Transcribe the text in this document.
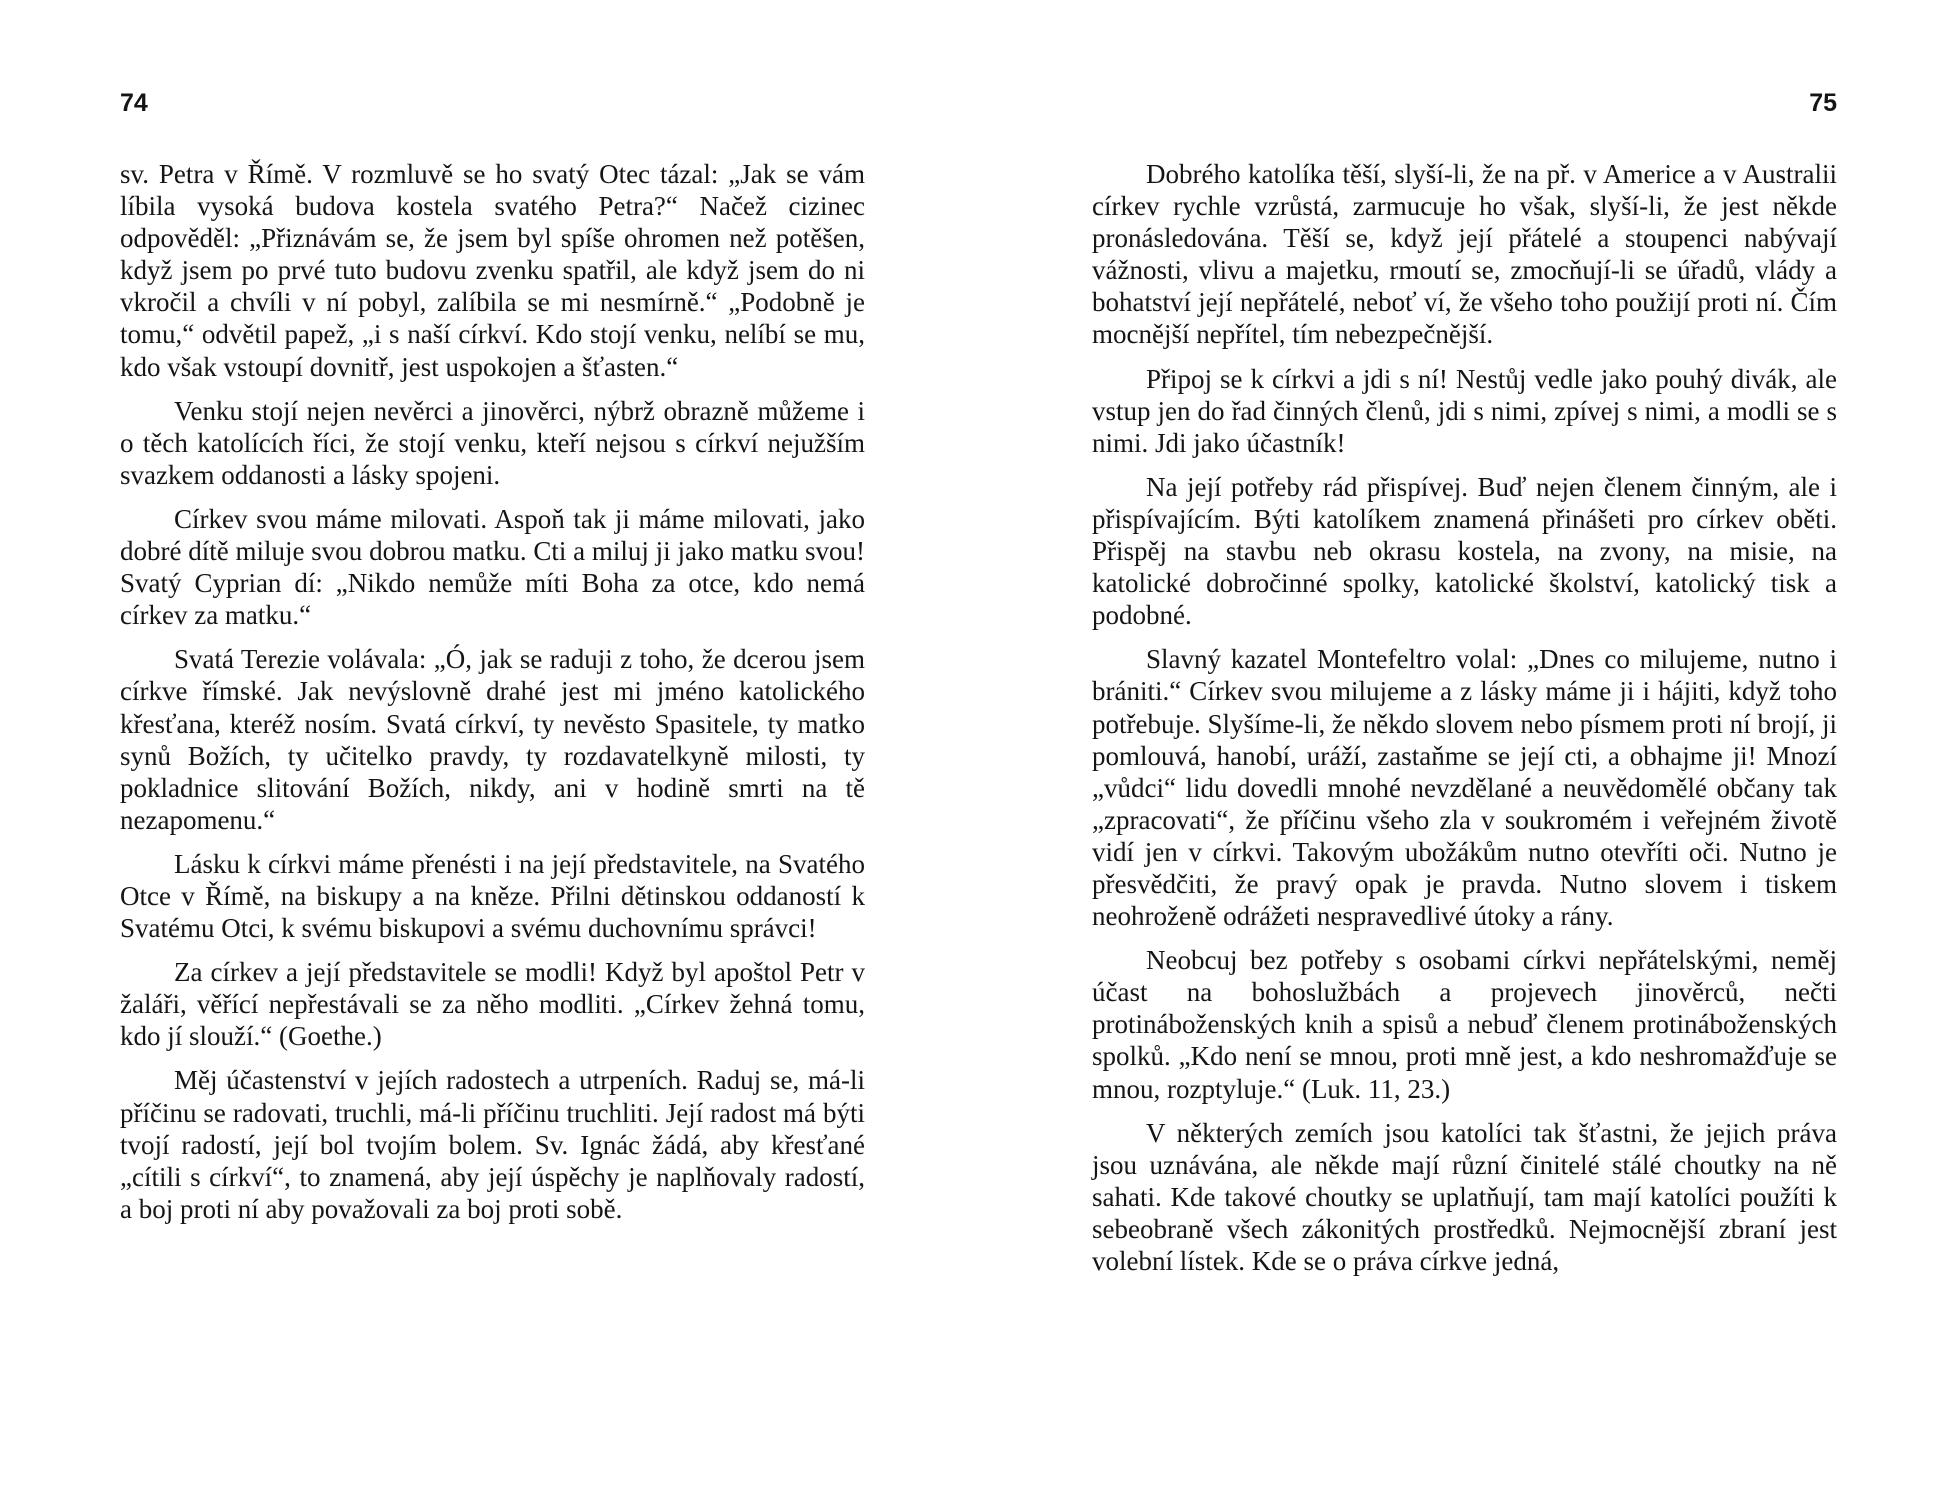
74

sv. Petra v Římě. V rozmluvě se ho svatý Otec tázal: „Jak se vám líbila vysoká budova kostela svatého Petra?“ Načež cizinec odpověděl: „Přiznávám se, že jsem byl spíše ohromen než potěšen, když jsem po prvé tuto budovu zvenku spatřil, ale když jsem do ni vkročil a chvíli v ní pobyl, zalíbila se mi nesmírně.“ „Podobně je tomu,“ odvětil papež, „i s naší církví. Kdo stojí venku, nelíbí se mu, kdo však vstoupí dovnitř, jest uspokojen a šťasten.“

Venku stojí nejen nevěrci a jinověrci, nýbrž obrazně můžeme i o těch katolících říci, že stojí venku, kteří nejsou s církví nejužším svazkem oddanosti a lásky spojeni.

Církev svou máme milovati. Aspoň tak ji máme milovati, jako dobré dítě miluje svou dobrou matku. Cti a miluj ji jako matku svou! Svatý Cyprian dí: „Nikdo nemůže míti Boha za otce, kdo nemá církev za matku.“

Svatá Terezie volávala: „Ó, jak se raduji z toho, že dcerou jsem církve římské. Jak nevýslovně drahé jest mi jméno katolického křesťana, kteréž nosím. Svatá církví, ty nevěsto Spasitele, ty matko synů Božích, ty učitelko pravdy, ty rozdavatelkyně milosti, ty pokladnice slitování Božích, nikdy, ani v hodině smrti na tě nezapomenu.“

Lásku k církvi máme přenésti i na její představitele, na Svatého Otce v Římě, na biskupy a na kněze. Přilni dětinskou oddaností k Svatému Otci, k svému biskupovi a svému duchovnímu správci!

Za církev a její představitele se modli! Když byl apoštol Petr v žaláři, věřící nepřestávali se za něho modliti. „Církev žehná tomu, kdo jí slouží.“ (Goethe.)

Měj účastenství v jejích radostech a utrpeních. Raduj se, má-li příčinu se radovati, truchli, má-li příčinu truchliti. Její radost má býti tvojí radostí, její bol tvojím bolem. Sv. Ignác žádá, aby křesťané „cítili s církví“, to znamená, aby její úspěchy je naplňovaly radostí, a boj proti ní aby považovali za boj proti sobě.

75

Dobrého katolíka těší, slyší-li, že na př. v Americe a v Australii církev rychle vzrůstá, zarmucuje ho však, slyší-li, že jest někde pronásledována. Těší se, když její přátelé a stoupenci nabývají vážnosti, vlivu a majetku, rmoutí se, zmocňují-li se úřadů, vlády a bohatství její nepřátelé, neboť ví, že všeho toho použijí proti ní. Čím mocnější nepřítel, tím nebezpečnější.

Připoj se k církvi a jdi s ní! Nestůj vedle jako pouhý divák, ale vstup jen do řad činných členů, jdi s nimi, zpívej s nimi, a modli se s nimi. Jdi jako účastník!

Na její potřeby rád přispívej. Buď nejen členem činným, ale i přispívajícím. Býti katolíkem znamená přinášeti pro církev oběti. Přispěj na stavbu neb okrasu kostela, na zvony, na misie, na katolické dobročinné spolky, katolické školství, katolický tisk a podobné.

Slavný kazatel Montefeltro volal: „Dnes co milujeme, nutno i brániti.“ Církev svou milujeme a z lásky máme ji i hájiti, když toho potřebuje. Slyšíme-li, že někdo slovem nebo písmem proti ní brojí, ji pomlouvá, hanobí, uráží, zastaňme se její cti, a obhajme ji! Mnozí „vůdci“ lidu dovedli mnohé nevzdělané a neuvědomělé občany tak „zpracovati“, že příčinu všeho zla v soukromém i veřejném životě vidí jen v církvi. Takovým ubožákům nutno otevříti oči. Nutno je přesvědčiti, že pravý opak je pravda. Nutno slovem i tiskem neohroženě odrážeti nespravedlivé útoky a rány.

Neobcuj bez potřeby s osobami církvi nepřátelskými, neměj účast na bohoslužbách a projevech jinověrců, nečti protináboženských knih a spisů a nebuď členem protináboženských spolků. „Kdo není se mnou, proti mně jest, a kdo neshromažďuje se mnou, rozptyluje.“ (Luk. 11, 23.)

V některých zemích jsou katolíci tak šťastni, že jejich práva jsou uznávána, ale někde mají různí činitelé stálé choutky na ně sahati. Kde takové choutky se uplatňují, tam mají katolíci použíti k sebeobraně všech zákonitých prostředků. Nejmocnější zbraní jest volební lístek. Kde se o práva církve jedná,
